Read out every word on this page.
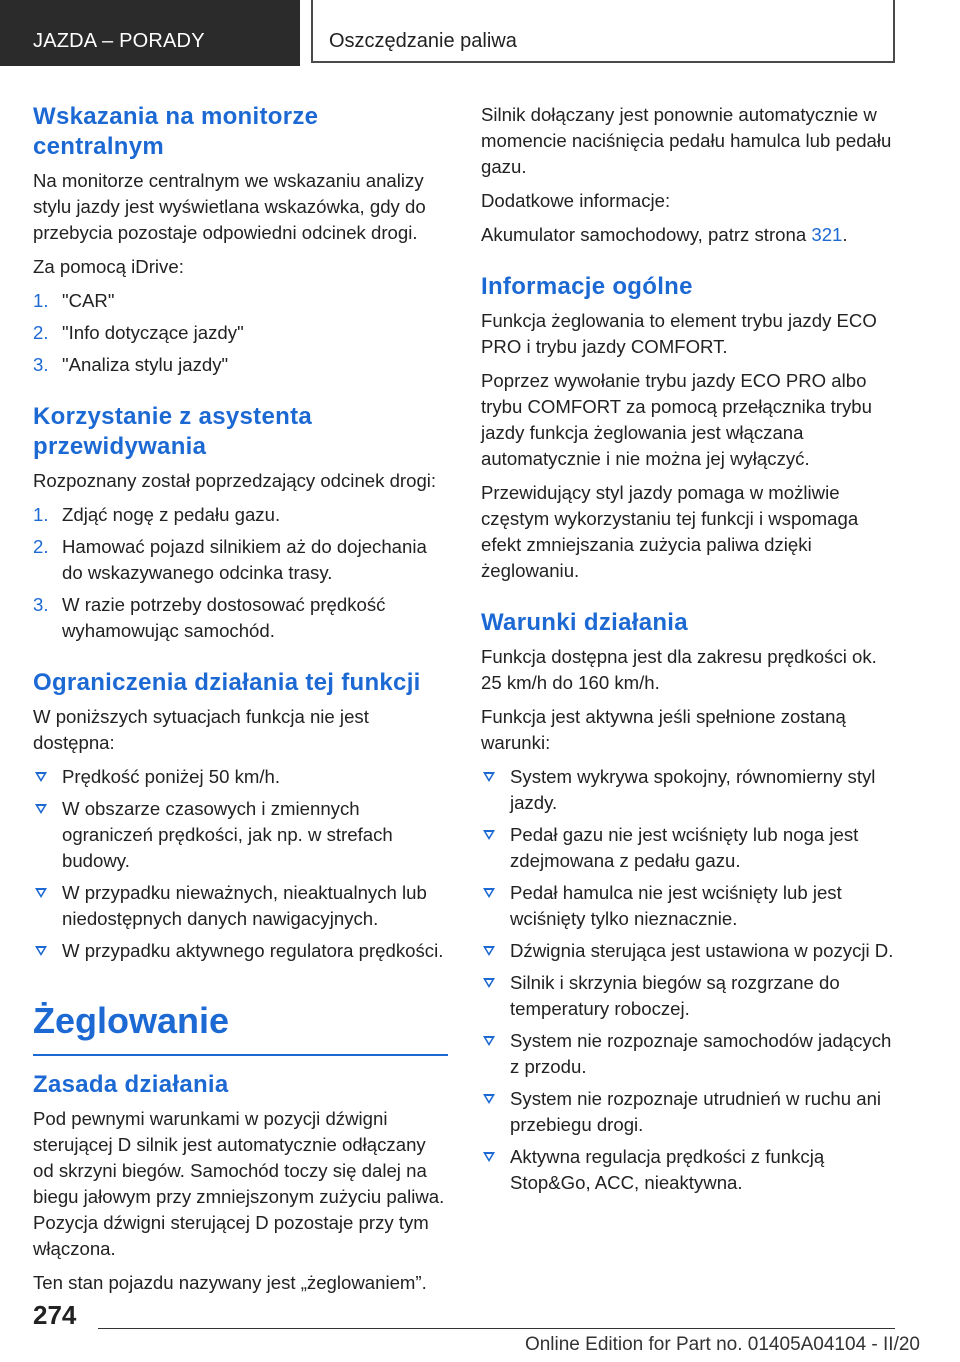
JAZDA – PORADY	Oszczędzanie paliwa
Wskazania na monitorze centralnym

Na monitorze centralnym we wskazaniu analizy stylu jazdy jest wyświetlana wskazówka, gdy do przebycia pozostaje odpowiedni odcinek drogi.

Za pomocą iDrive:

1. "CAR"
2. "Info dotyczące jazdy"
3. "Analiza stylu jazdy"
Korzystanie z asystenta przewidywania

Rozpoznany został poprzedzający odcinek drogi:

1. Zdjąć nogę z pedału gazu.
2. Hamować pojazd silnikiem aż do dojechania do wskazywanego odcinka trasy.
3. W razie potrzeby dostosować prędkość wyhamowując samochód.
Ograniczenia działania tej funkcji

W poniższych sytuacjach funkcja nie jest dostępna:

Prędkość poniżej 50 km/h.
W obszarze czasowych i zmiennych ograniczeń prędkości, jak np. w strefach budowy.
W przypadku nieważnych, nieaktualnych lub niedostępnych danych nawigacyjnych.
W przypadku aktywnego regulatora prędkości.
Żeglowanie
Zasada działania

Pod pewnymi warunkami w pozycji dźwigni sterującej D silnik jest automatycznie odłączany od skrzyni biegów. Samochód toczy się dalej na biegu jałowym przy zmniejszonym zużyciu paliwa. Pozycja dźwigni sterującej D pozostaje przy tym włączona.

Ten stan pojazdu nazywany jest „żeglowaniem”.

Silnik dołączany jest ponownie automatycznie w momencie naciśnięcia pedału hamulca lub pedału gazu.

Dodatkowe informacje:

Akumulator samochodowy, patrz strona 321.

Informacje ogólne

Funkcja żeglowania to element trybu jazdy ECO PRO i trybu jazdy COMFORT.

Poprzez wywołanie trybu jazdy ECO PRO albo trybu COMFORT za pomocą przełącznika trybu jazdy funkcja żeglowania jest włączana automatycznie i nie można jej wyłączyć.

Przewidujący styl jazdy pomaga w możliwie częstym wykorzystaniu tej funkcji i wspomaga efekt zmniejszania zużycia paliwa dzięki żeglowaniu.

Warunki działania

Funkcja dostępna jest dla zakresu prędkości ok. 25 km/h do 160 km/h.

Funkcja jest aktywna jeśli spełnione zostaną warunki:

System wykrywa spokojny, równomierny styl jazdy.
Pedał gazu nie jest wciśnięty lub noga jest zdejmowana z pedału gazu.
Pedał hamulca nie jest wciśnięty lub jest wciśnięty tylko nieznacznie.
Dźwignia sterująca jest ustawiona w pozycji D.
Silnik i skrzynia biegów są rozgrzane do temperatury roboczej.
System nie rozpoznaje samochodów jadących z przodu.
System nie rozpoznaje utrudnień w ruchu ani przebiegu drogi.
Aktywna regulacja prędkości z funkcją Stop&Go, ACC, nieaktywna.
274
Online Edition for Part no. 01405A04104 - II/20
